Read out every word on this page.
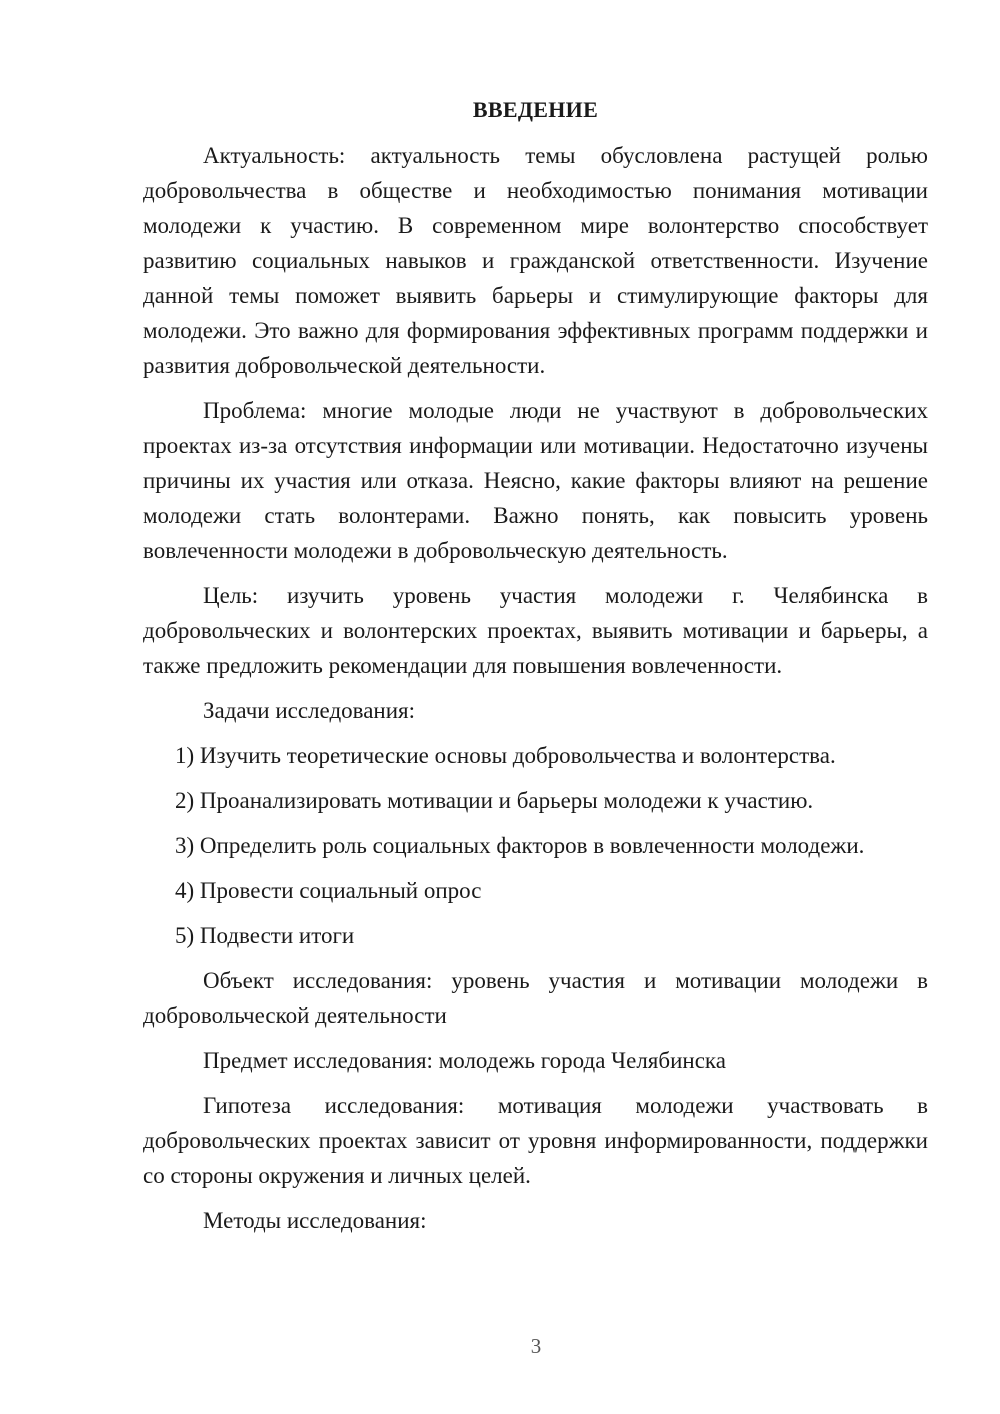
ВВЕДЕНИЕ

Актуальность: актуальность темы обусловлена растущей ролью добровольчества в обществе и необходимостью понимания мотивации молодежи к участию. В современном мире волонтерство способствует развитию социальных навыков и гражданской ответственности. Изучение данной темы поможет выявить барьеры и стимулирующие факторы для молодежи. Это важно для формирования эффективных программ поддержки и развития добровольческой деятельности.

Проблема: многие молодые люди не участвуют в добровольческих проектах из-за отсутствия информации или мотивации. Недостаточно изучены причины их участия или отказа. Неясно, какие факторы влияют на решение молодежи стать волонтерами. Важно понять, как повысить уровень вовлеченности молодежи в добровольческую деятельность.

Цель: изучить уровень участия молодежи г. Челябинска в добровольческих и волонтерских проектах, выявить мотивации и барьеры, а также предложить рекомендации для повышения вовлеченности.

Задачи исследования:

1) Изучить теоретические основы добровольчества и волонтерства.
2) Проанализировать мотивации и барьеры молодежи к участию.
3) Определить роль социальных факторов в вовлеченности молодежи.
4) Провести социальный опрос
5) Подвести итоги

Объект исследования: уровень участия и мотивации молодежи в добровольческой деятельности

Предмет исследования: молодежь города Челябинска

Гипотеза исследования: мотивация молодежи участвовать в добровольческих проектах зависит от уровня информированности, поддержки со стороны окружения и личных целей.

Методы исследования:

3
